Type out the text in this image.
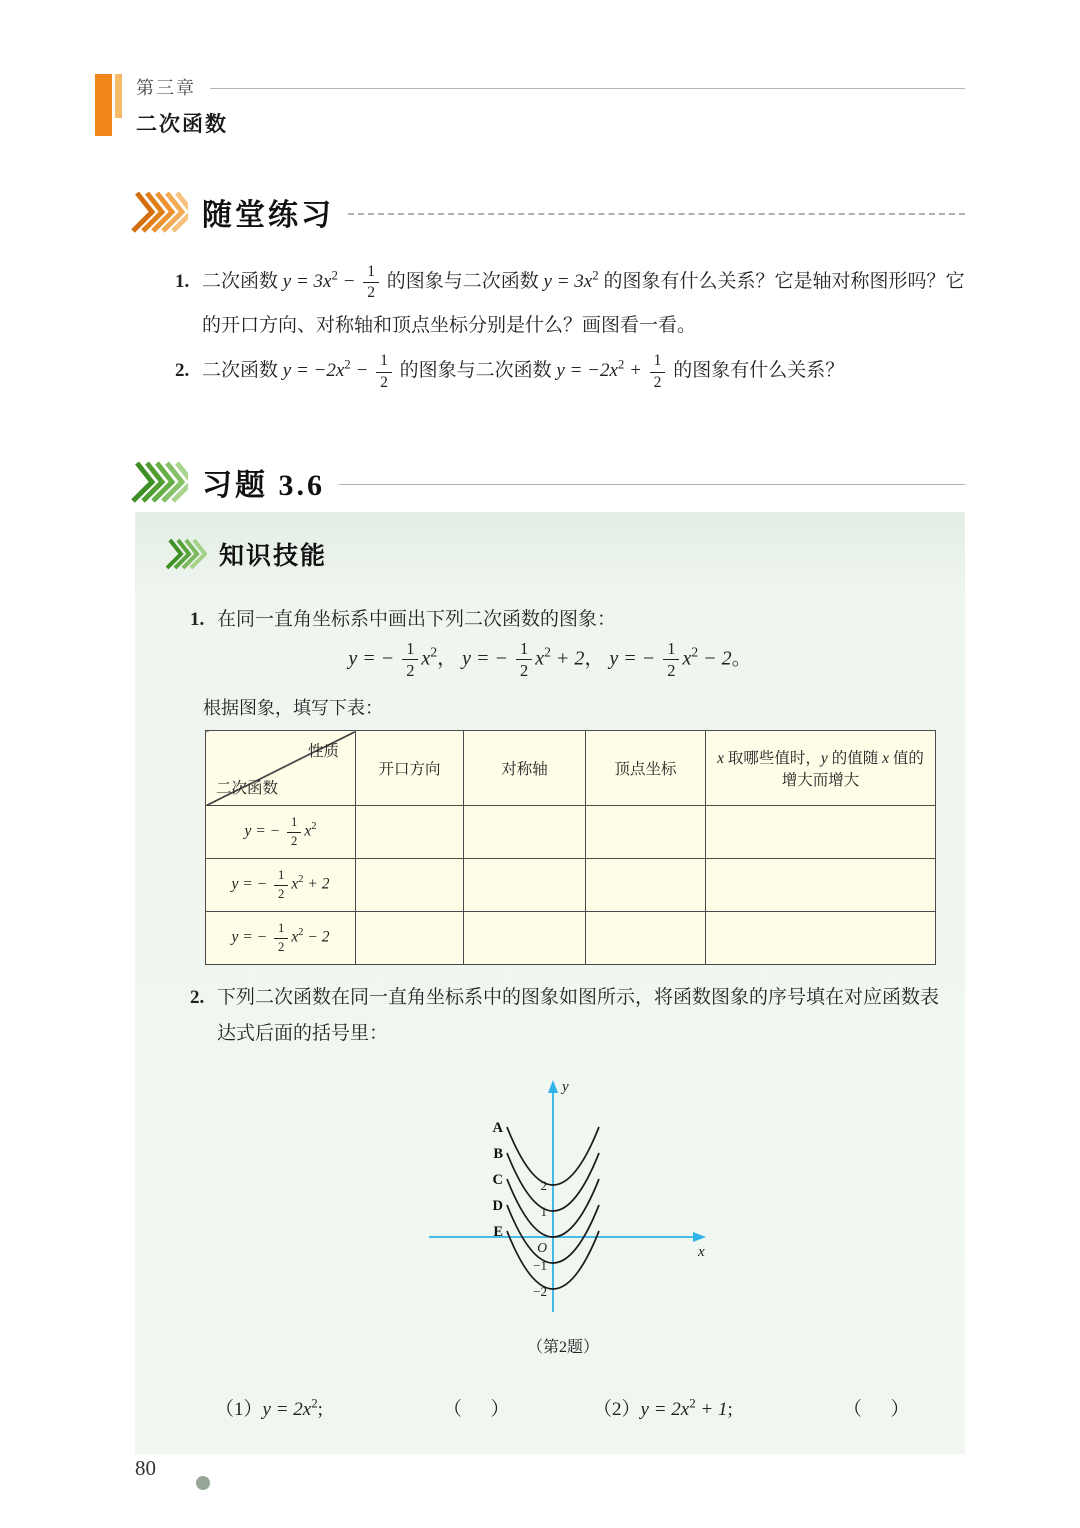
第三章
二次函数
随堂练习
1. 二次函数 $y = 3x^2 - \frac{1}{2}$ 的图象与二次函数 $y = 3x^2$ 的图象有什么关系？它是轴对称图形吗？它的开口方向、对称轴和顶点坐标分别是什么？画图看一看。
2. 二次函数 $y = -2x^2 - \frac{1}{2}$ 的图象与二次函数 $y = -2x^2 + \frac{1}{2}$ 的图象有什么关系？
习题 3.6
知识技能
1. 在同一直角坐标系中画出下列二次函数的图象：
y = − $\frac{1}{2} x^2$， y = − $\frac{1}{2} x^2 + 2$， y = − $\frac{1}{2} x^2 - 2$。
根据图象，填写下表：
性质
二次函数	开口方向	对称轴	顶点坐标	x 取哪些值时，y 的值随 x 值的增大而增大
y = − $\frac{1}{2} x^2$				
y = − $\frac{1}{2} x^2 + 2$				
y = − $\frac{1}{2} x^2 - 2$				
2. 下列二次函数在同一直角坐标系中的图象如图所示，将函数图象的序号填在对应函数表达式后面的括号里：
A
B
C
D
E
2
1
O
−1
−2
y
x
（第2题）
$(1)y = 2x^2$;	（      ）	$(2)y = 2x^2 + 1$;	（      ）
80
